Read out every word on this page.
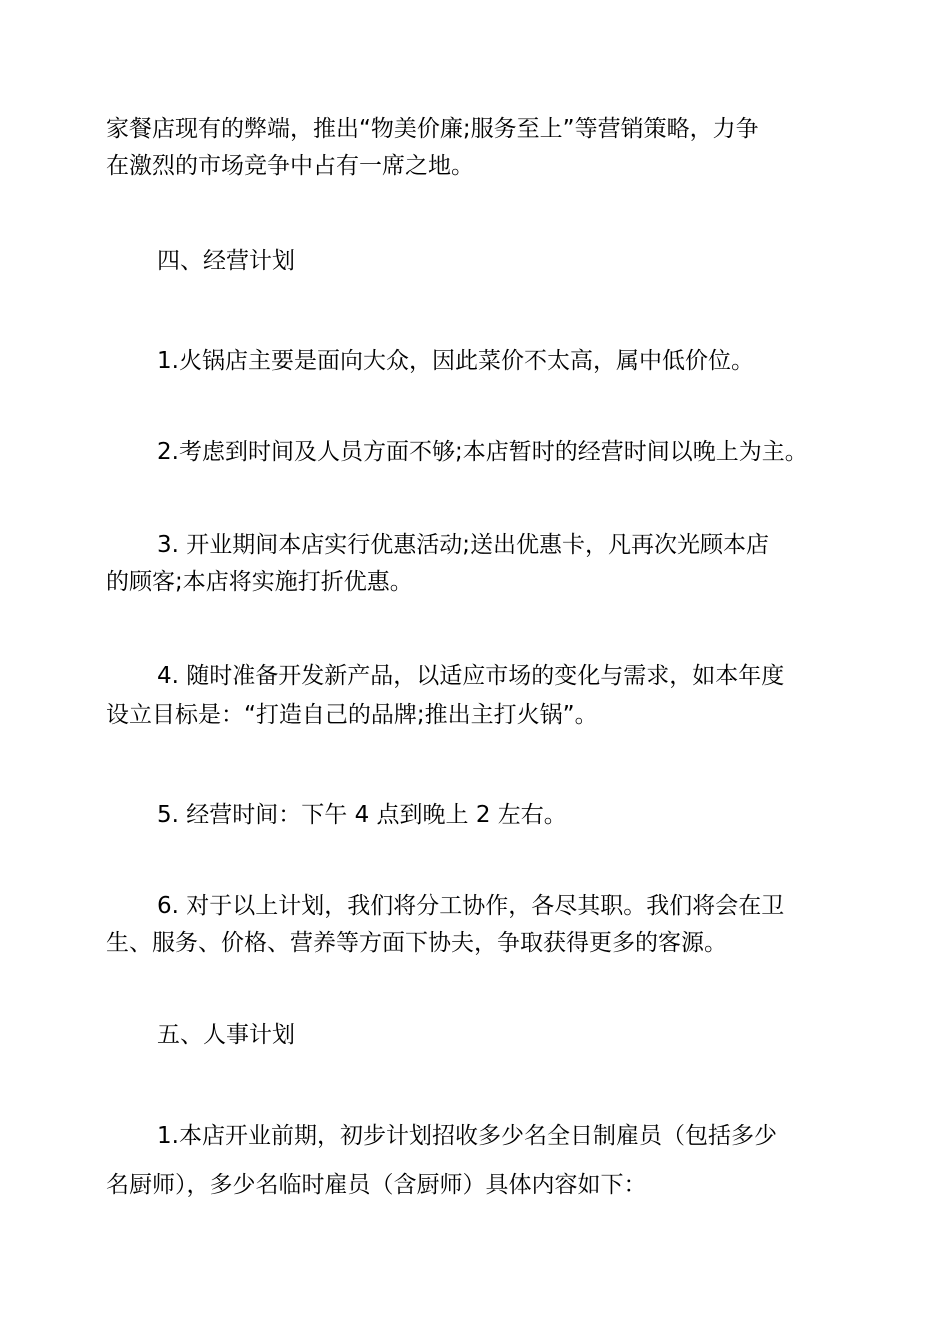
家餐店现有的弊端，推出“物美价廉;服务至上”等营销策略，力争
在激烈的市场竞争中占有一席之地。
四、经营计划
1.火锅店主要是面向大众，因此菜价不太高，属中低价位。
2.考虑到时间及人员方面不够;本店暂时的经营时间以晚上为主。
3. 开业期间本店实行优惠活动;送出优惠卡，凡再次光顾本店
的顾客;本店将实施打折优惠。
4. 随时准备开发新产品，以适应市场的变化与需求，如本年度
设立目标是：“打造自己的品牌;推出主打火锅”。
5. 经营时间：下午 4 点到晚上 2 左右。
6. 对于以上计划，我们将分工协作，各尽其职。我们将会在卫
生、服务、价格、营养等方面下协夫，争取获得更多的客源。
五、人事计划
1.本店开业前期，初步计划招收多少名全日制雇员（包括多少
名厨师），多少名临时雇员（含厨师）具体内容如下：
